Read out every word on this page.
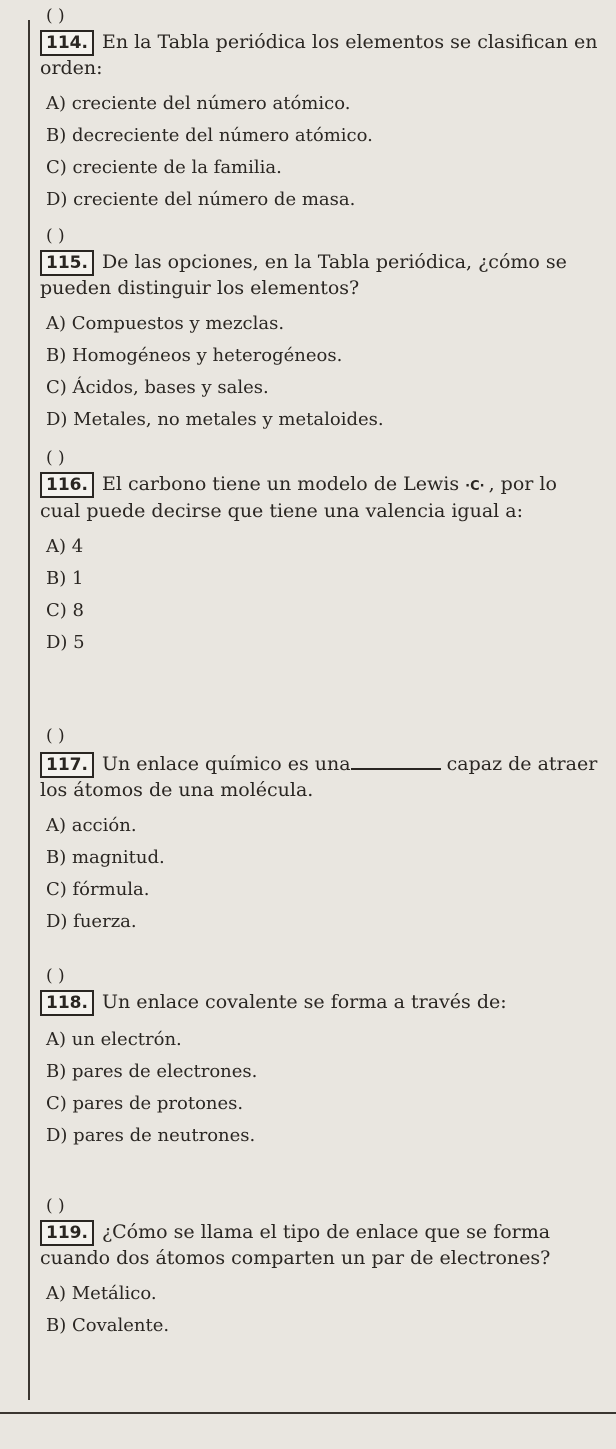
( )
114. En la Tabla periódica los elementos se clasifican en orden:
A) creciente del número atómico.
B) decreciente del número atómico.
C) creciente de la familia.
D) creciente del número de masa.
( )
115. De las opciones, en la Tabla periódica, ¿cómo se pueden distinguir los elementos?
A) Compuestos y mezclas.
B) Homogéneos y heterogéneos.
C) Ácidos, bases y sales.
D) Metales, no metales y metaloides.
( )
116. El carbono tiene un modelo de Lewis ·C· , por lo cual puede decirse que tiene una valencia igual a:
A) 4
B) 1
C) 8
D) 5
( )
117. Un enlace químico es una	capaz de atraer los átomos de una molécula.
A) acción.
B) magnitud.
C) fórmula.
D) fuerza.
( )
118. Un enlace covalente se forma a través de:
A) un electrón.
B) pares de electrones.
C) pares de protones.
D) pares de neutrones.
( )
119. ¿Cómo se llama el tipo de enlace que se forma cuando dos átomos comparten un par de electrones?
A) Metálico.
B) Covalente.
